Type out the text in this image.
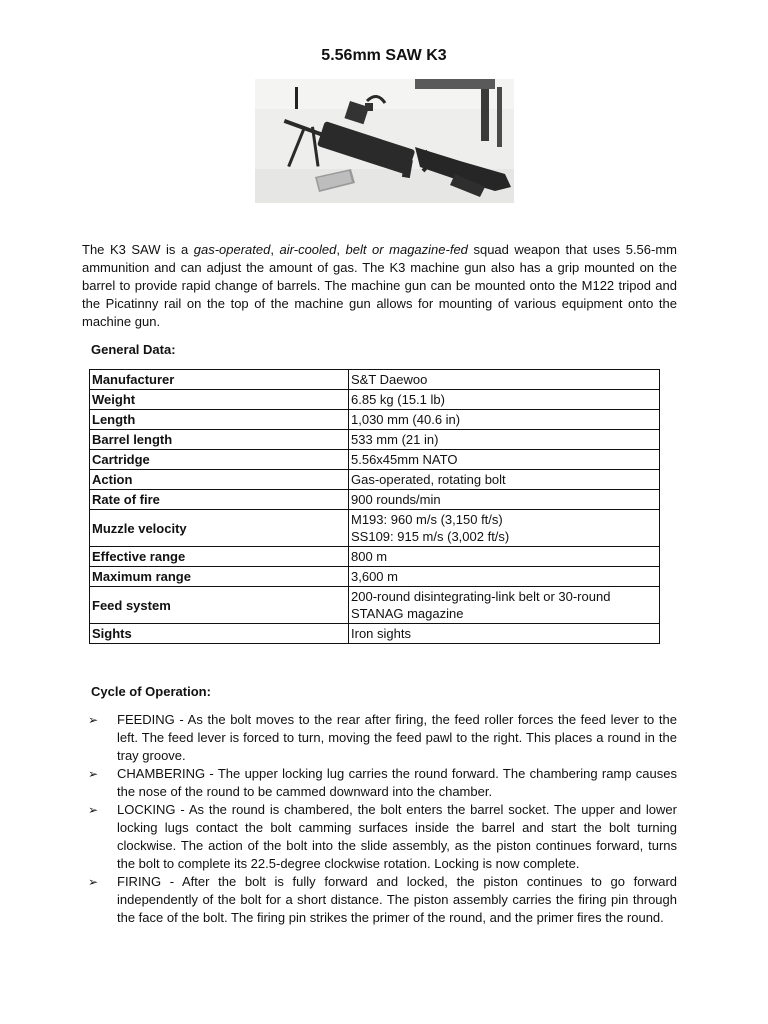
5.56mm SAW K3

The K3 SAW is a gas-operated, air-cooled, belt or magazine-fed squad weapon that uses 5.56-mm ammunition and can adjust the amount of gas. The K3 machine gun also has a grip mounted on the barrel to provide rapid change of barrels. The machine gun can be mounted onto the M122 tripod and the Picatinny rail on the top of the machine gun allows for mounting of various equipment onto the machine gun.

General Data:

Manufacturer	S&T Daewoo
Weight	6.85 kg (15.1 lb)
Length	1,030 mm (40.6 in)
Barrel length	533 mm (21 in)
Cartridge	5.56x45mm NATO
Action	Gas-operated, rotating bolt
Rate of fire	900 rounds/min
Muzzle velocity	M193: 960 m/s (3,150 ft/s)
SS109: 915 m/s (3,002 ft/s)
Effective range	800 m
Maximum range	3,600 m
Feed system	200-round disintegrating-link belt or 30-round
STANAG magazine
Sights	Iron sights

Cycle of Operation:

➢ FEEDING - As the bolt moves to the rear after firing, the feed roller forces the feed lever to the left. The feed lever is forced to turn, moving the feed pawl to the right. This places a round in the tray groove.
➢ CHAMBERING - The upper locking lug carries the round forward. The chambering ramp causes the nose of the round to be cammed downward into the chamber.
➢ LOCKING - As the round is chambered, the bolt enters the barrel socket. The upper and lower locking lugs contact the bolt camming surfaces inside the barrel and start the bolt turning clockwise. The action of the bolt into the slide assembly, as the piston continues forward, turns the bolt to complete its 22.5-degree clockwise rotation. Locking is now complete.
➢ FIRING - After the bolt is fully forward and locked, the piston continues to go forward independently of the bolt for a short distance. The piston assembly carries the firing pin through the face of the bolt. The firing pin strikes the primer of the round, and the primer fires the round.
